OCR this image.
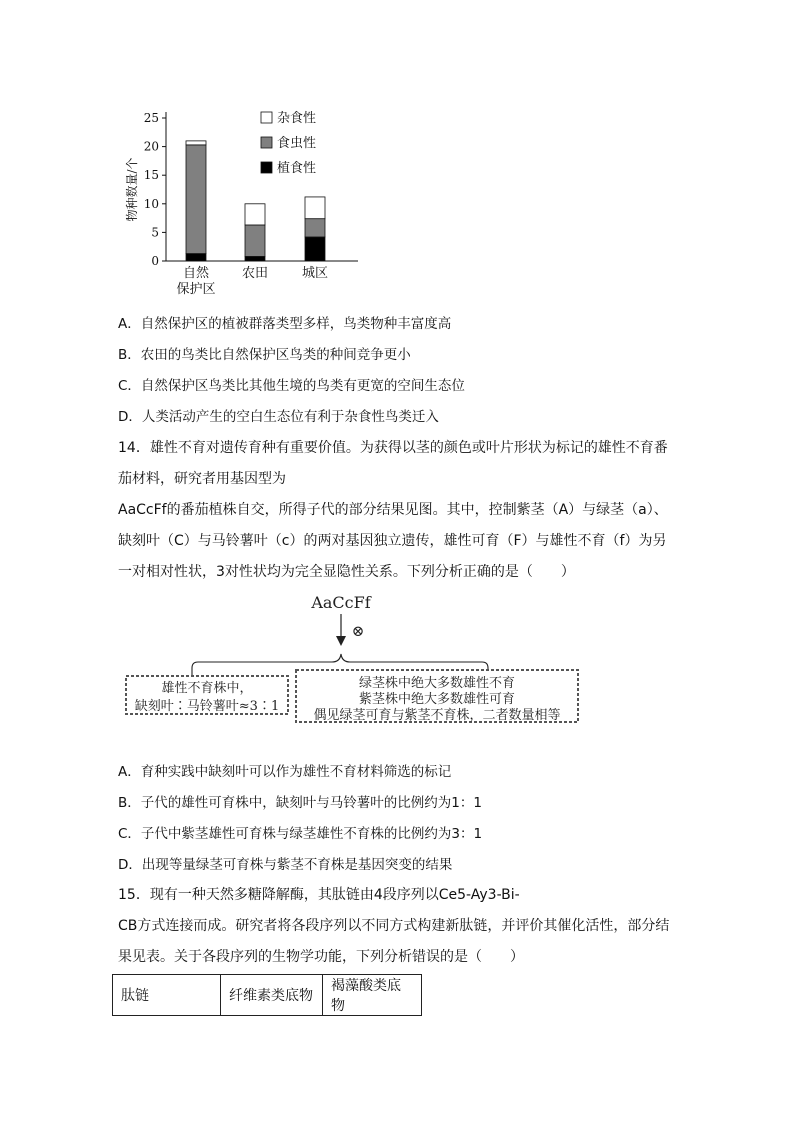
0
5
10
15
20
25
物种数量/个
自然
保护区
农田	城区
杂食性
食虫性
植食性
A．自然保护区的植被群落类型多样，鸟类物种丰富度高
B．农田的鸟类比自然保护区鸟类的种间竞争更小
C．自然保护区鸟类比其他生境的鸟类有更宽的空间生态位
D．人类活动产生的空白生态位有利于杂食性鸟类迁入
14．雄性不育对遗传育种有重要价值。为获得以茎的颜色或叶片形状为标记的雄性不育番
茄材料，研究者用基因型为
AaCcFf的番茄植株自交，所得子代的部分结果见图。其中，控制紫茎（A）与绿茎（a）、
缺刻叶（C）与马铃薯叶（c）的两对基因独立遗传，雄性可育（F）与雄性不育（f）为另
一对相对性状，3对性状均为完全显隐性关系。下列分析正确的是（　　）
AaCcFf
⊗
雄性不育株中，
缺刻叶∶马铃薯叶≈3∶1
绿茎株中绝大多数雄性不育
紫茎株中绝大多数雄性可育
偶见绿茎可育与紫茎不育株，二者数量相等
A．育种实践中缺刻叶可以作为雄性不育材料筛选的标记
B．子代的雄性可育株中，缺刻叶与马铃薯叶的比例约为1：1
C．子代中紫茎雄性可育株与绿茎雄性不育株的比例约为3：1
D．出现等量绿茎可育株与紫茎不育株是基因突变的结果
15．现有一种天然多糖降解酶，其肽链由4段序列以Ce5-Ay3-Bi-
CB方式连接而成。研究者将各段序列以不同方式构建新肽链，并评价其催化活性，部分结
果见表。关于各段序列的生物学功能，下列分析错误的是（　　）
肽链	纤维素类底物	褐藻酸类底物
